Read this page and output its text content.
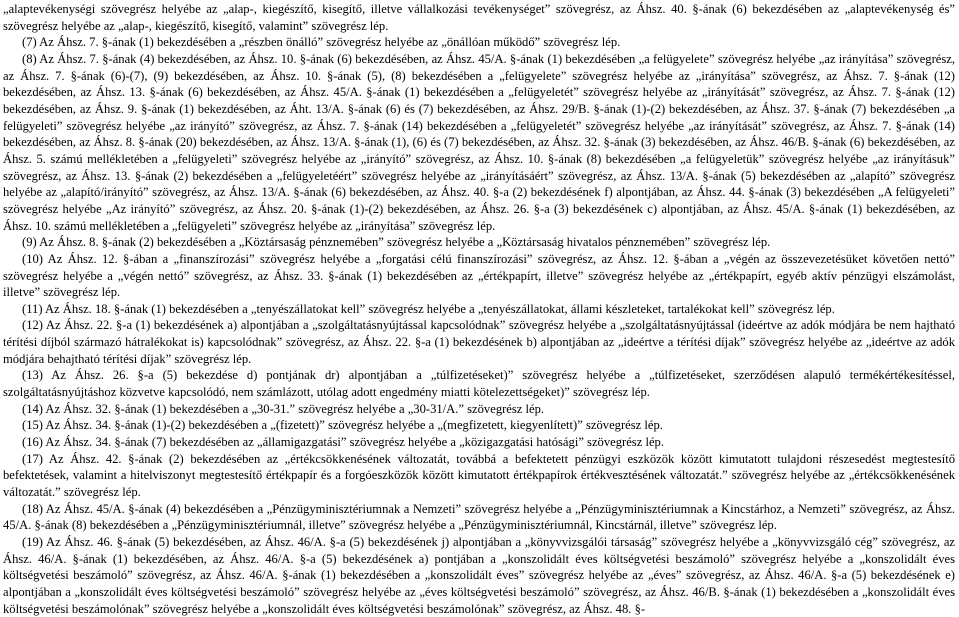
„alaptevékenységi szövegrész helyébe az „alap-, kiegészítő, kisegítő, illetve vállalkozási tevékenységet” szövegrész, az Áhsz. 40. §-ának (6) bekezdésében az „alaptevékenység és” szövegrész helyébe az „alap-, kiegészítő, kisegítő, valamint” szövegrész lép.

(7) Az Áhsz. 7. §-ának (1) bekezdésében a „részben önálló” szövegrész helyébe az „önállóan működő” szövegrész lép.

(8) Az Áhsz. 7. §-ának (4) bekezdésében, az Áhsz. 10. §-ának (6) bekezdésében, az Áhsz. 45/A. §-ának (1) bekezdésében „a felügyelete” szövegrész helyébe „az irányítása” szövegrész, az Áhsz. 7. §-ának (6)-(7), (9) bekezdésében, az Áhsz. 10. §-ának (5), (8) bekezdésében a „felügyelete” szövegrész helyébe az „irányítása” szövegrész, az Áhsz. 7. §-ának (12) bekezdésében, az Áhsz. 13. §-ának (6) bekezdésében, az Áhsz. 45/A. §-ának (1) bekezdésében a „felügyeletét” szövegrész helyébe az „irányítását” szövegrész, az Áhsz. 7. §-ának (12) bekezdésében, az Áhsz. 9. §-ának (1) bekezdésében, az Áht. 13/A. §-ának (6) és (7) bekezdésében, az Áhsz. 29/B. §-ának (1)-(2) bekezdésében, az Áhsz. 37. §-ának (7) bekezdésében „a felügyeleti” szövegrész helyébe „az irányító” szövegrész, az Áhsz. 7. §-ának (14) bekezdésében a „felügyeletét” szövegrész helyébe „az irányítását” szövegrész, az Áhsz. 7. §-ának (14) bekezdésében, az Áhsz. 8. §-ának (20) bekezdésében, az Áhsz. 13/A. §-ának (1), (6) és (7) bekezdésében, az Áhsz. 32. §-ának (3) bekezdésében, az Áhsz. 46/B. §-ának (6) bekezdésében, az Áhsz. 5. számú mellékletében a „felügyeleti” szövegrész helyébe az „irányító” szövegrész, az Áhsz. 10. §-ának (8) bekezdésében „a felügyeletük” szövegrész helyébe „az irányításuk” szövegrész, az Áhsz. 13. §-ának (2) bekezdésében a „felügyeletéért” szövegrész helyébe az „irányításáért” szövegrész, az Áhsz. 13/A. §-ának (5) bekezdésében az „alapító” szövegrész helyébe az „alapító/irányító” szövegrész, az Áhsz. 13/A. §-ának (6) bekezdésében, az Áhsz. 40. §-a (2) bekezdésének f) alpontjában, az Áhsz. 44. §-ának (3) bekezdésében „A felügyeleti” szövegrész helyébe „Az irányító” szövegrész, az Áhsz. 20. §-ának (1)-(2) bekezdésében, az Áhsz. 26. §-a (3) bekezdésének c) alpontjában, az Áhsz. 45/A. §-ának (1) bekezdésében, az Áhsz. 10. számú mellékletében a „felügyeleti” szövegrész helyébe az „irányítása” szövegrész lép.

(9) Az Áhsz. 8. §-ának (2) bekezdésében a „Köztársaság pénznemében” szövegrész helyébe a „Köztársaság hivatalos pénznemében” szövegrész lép.

(10) Az Áhsz. 12. §-ában a „finanszírozási” szövegrész helyébe a „forgatási célú finanszírozási” szövegrész, az Áhsz. 12. §-ában a „végén az összevezetésüket követően nettó” szövegrész helyébe a „végén nettó” szövegrész, az Áhsz. 33. §-ának (1) bekezdésében az „értékpapírt, illetve” szövegrész helyébe az „értékpapírt, egyéb aktív pénzügyi elszámolást, illetve” szövegrész lép.

(11) Az Áhsz. 18. §-ának (1) bekezdésében a „tenyészállatokat kell” szövegrész helyébe a „tenyészállatokat, állami készleteket, tartalékokat kell” szövegrész lép.

(12) Az Áhsz. 22. §-a (1) bekezdésének a) alpontjában a „szolgáltatásnyújtással kapcsolódnak” szövegrész helyébe a „szolgáltatásnyújtással (ideértve az adók módjára be nem hajtható térítési díjból származó hátralékokat is) kapcsolódnak” szövegrész, az Áhsz. 22. §-a (1) bekezdésének b) alpontjában az „ideértve a térítési díjak” szövegrész helyébe az „ideértve az adók módjára behajtható térítési díjak” szövegrész lép.

(13) Az Áhsz. 26. §-a (5) bekezdése d) pontjának dr) alpontjában a „túlfizetéseket)” szövegrész helyébe a „túlfizetéseket, szerződésen alapuló termékértékesítéssel, szolgáltatásnyújtáshoz közvetve kapcsolódó, nem számlázott, utólag adott engedmény miatti kötelezettségeket)” szövegrész lép.

(14) Az Áhsz. 32. §-ának (1) bekezdésében a „30-31.” szövegrész helyébe a „30-31/A.” szövegrész lép.

(15) Az Áhsz. 34. §-ának (1)-(2) bekezdésében a „(fizetett)” szövegrész helyébe a „(megfizetett, kiegyenlített)” szövegrész lép.

(16) Az Áhsz. 34. §-ának (7) bekezdésében az „államigazgatási” szövegrész helyébe a „közigazgatási hatósági” szövegrész lép.

(17) Az Áhsz. 42. §-ának (2) bekezdésében az „értékcsökkenésének változatát, továbbá a befektetett pénzügyi eszközök között kimutatott tulajdoni részesedést megtestesítő befektetések, valamint a hitelviszonyt megtestesítő értékpapír és a forgóeszközök között kimutatott értékpapírok értékvesztésének változatát.” szövegrész helyébe az „értékcsökkenésének változatát.” szövegrész lép.

(18) Az Áhsz. 45/A. §-ának (4) bekezdésében a „Pénzügyminisztériumnak a Nemzeti” szövegrész helyébe a „Pénzügyminisztériumnak a Kincstárhoz, a Nemzeti” szövegrész, az Áhsz. 45/A. §-ának (8) bekezdésében a „Pénzügyminisztériumnál, illetve” szövegrész helyébe a „Pénzügyminisztériumnál, Kincstárnál, illetve” szövegrész lép.

(19) Az Áhsz. 46. §-ának (5) bekezdésében, az Áhsz. 46/A. §-a (5) bekezdésének j) alpontjában a „könyvvizsgálói társaság” szövegrész helyébe a „könyvvizsgáló cég” szövegrész, az Áhsz. 46/A. §-ának (1) bekezdésében, az Áhsz. 46/A. §-a (5) bekezdésének a) pontjában a „konszolidált éves költségvetési beszámoló” szövegrész helyébe a „konszolidált éves költségvetési beszámoló” szövegrész, az Áhsz. 46/A. §-ának (1) bekezdésében a „konszolidált éves” szövegrész helyébe az „éves” szövegrész, az Áhsz. 46/A. §-a (5) bekezdésének e) alpontjában a „konszolidált éves költségvetési beszámoló” szövegrész helyébe az „éves költségvetési beszámoló” szövegrész, az Áhsz. 46/B. §-ának (1) bekezdésében a „konszolidált éves költségvetési beszámolónak” szövegrész helyébe a „konszolidált éves költségvetési beszámolónak” szövegrész, az Áhsz. 48. §-
